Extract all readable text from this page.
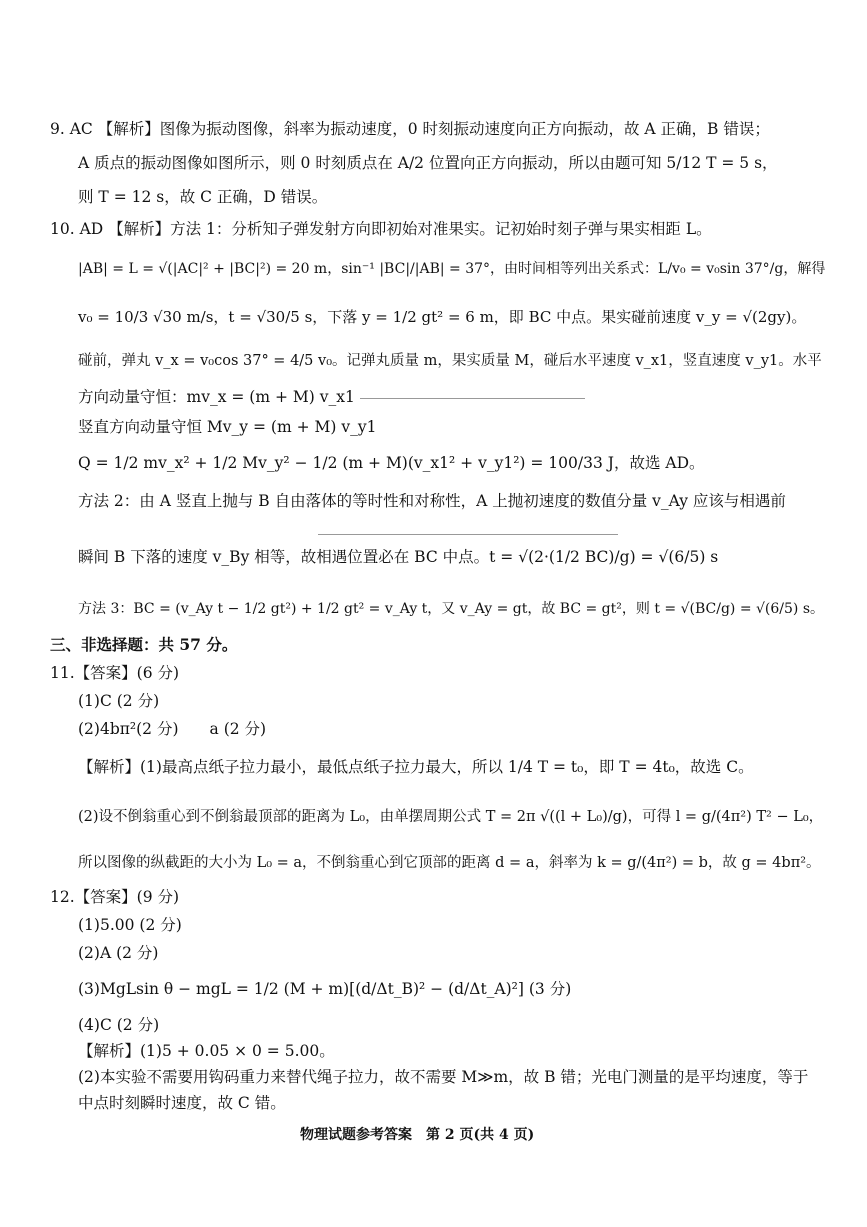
9. AC 【解析】图像为振动图像，斜率为振动速度，0 时刻振动速度向正方向振动，故 A 正确，B 错误；
A 质点的振动图像如图所示，则 0 时刻质点在 A/2 位置向正方向振动，所以由题可知 5/12 T = 5 s，
则 T = 12 s，故 C 正确，D 错误。
10. AD 【解析】方法 1：分析知子弹发射方向即初始对准果实。记初始时刻子弹与果实相距 L。
|AB| = L = √(|AC|² + |BC|²) = 20 m，sin⁻¹ |BC|/|AB| = 37°，由时间相等列出关系式：L/v₀ = v₀sin 37°/g，解得
v₀ = 10/3 √30 m/s，t = √30/5 s，下落 y = 1/2 gt² = 6 m，即 BC 中点。果实碰前速度 v_y = √(2gy)。
碰前，弹丸 v_x = v₀cos 37° = 4/5 v₀。记弹丸质量 m，果实质量 M，碰后水平速度 v_x1，竖直速度 v_y1。水平
方向动量守恒：mv_x = (m + M) v_x1
竖直方向动量守恒 Mv_y = (m + M) v_y1
Q = 1/2 mv_x² + 1/2 Mv_y² − 1/2 (m + M)(v_x1² + v_y1²) = 100/33 J，故选 AD。
方法 2：由 A 竖直上抛与 B 自由落体的等时性和对称性，A 上抛初速度的数值分量 v_Ay 应该与相遇前
瞬间 B 下落的速度 v_By 相等，故相遇位置必在 BC 中点。t = √(2·(1/2 BC)/g) = √(6/5) s
方法 3：BC = (v_Ay t − 1/2 gt²) + 1/2 gt² = v_Ay t，又 v_Ay = gt，故 BC = gt²，则 t = √(BC/g) = √(6/5) s。
三、非选择题：共 57 分。
11.【答案】(6 分)
(1)C (2 分)
(2)4bπ²(2 分)　　a (2 分)
【解析】(1)最高点纸子拉力最小，最低点纸子拉力最大，所以 1/4 T = t₀，即 T = 4t₀，故选 C。
(2)设不倒翁重心到不倒翁最顶部的距离为 L₀，由单摆周期公式 T = 2π √((l + L₀)/g)，可得 l = g/(4π²) T² − L₀，
所以图像的纵截距的大小为 L₀ = a，不倒翁重心到它顶部的距离 d = a，斜率为 k = g/(4π²) = b，故 g = 4bπ²。
12.【答案】(9 分)
(1)5.00 (2 分)
(2)A (2 分)
(3)MgLsin θ − mgL = 1/2 (M + m)[(d/Δt_B)² − (d/Δt_A)²] (3 分)
(4)C (2 分)
【解析】(1)5 + 0.05 × 0 = 5.00。
(2)本实验不需要用钩码重力来替代绳子拉力，故不需要 M≫m，故 B 错；光电门测量的是平均速度，等于
中点时刻瞬时速度，故 C 错。
物理试题参考答案　第 2 页(共 4 页)
